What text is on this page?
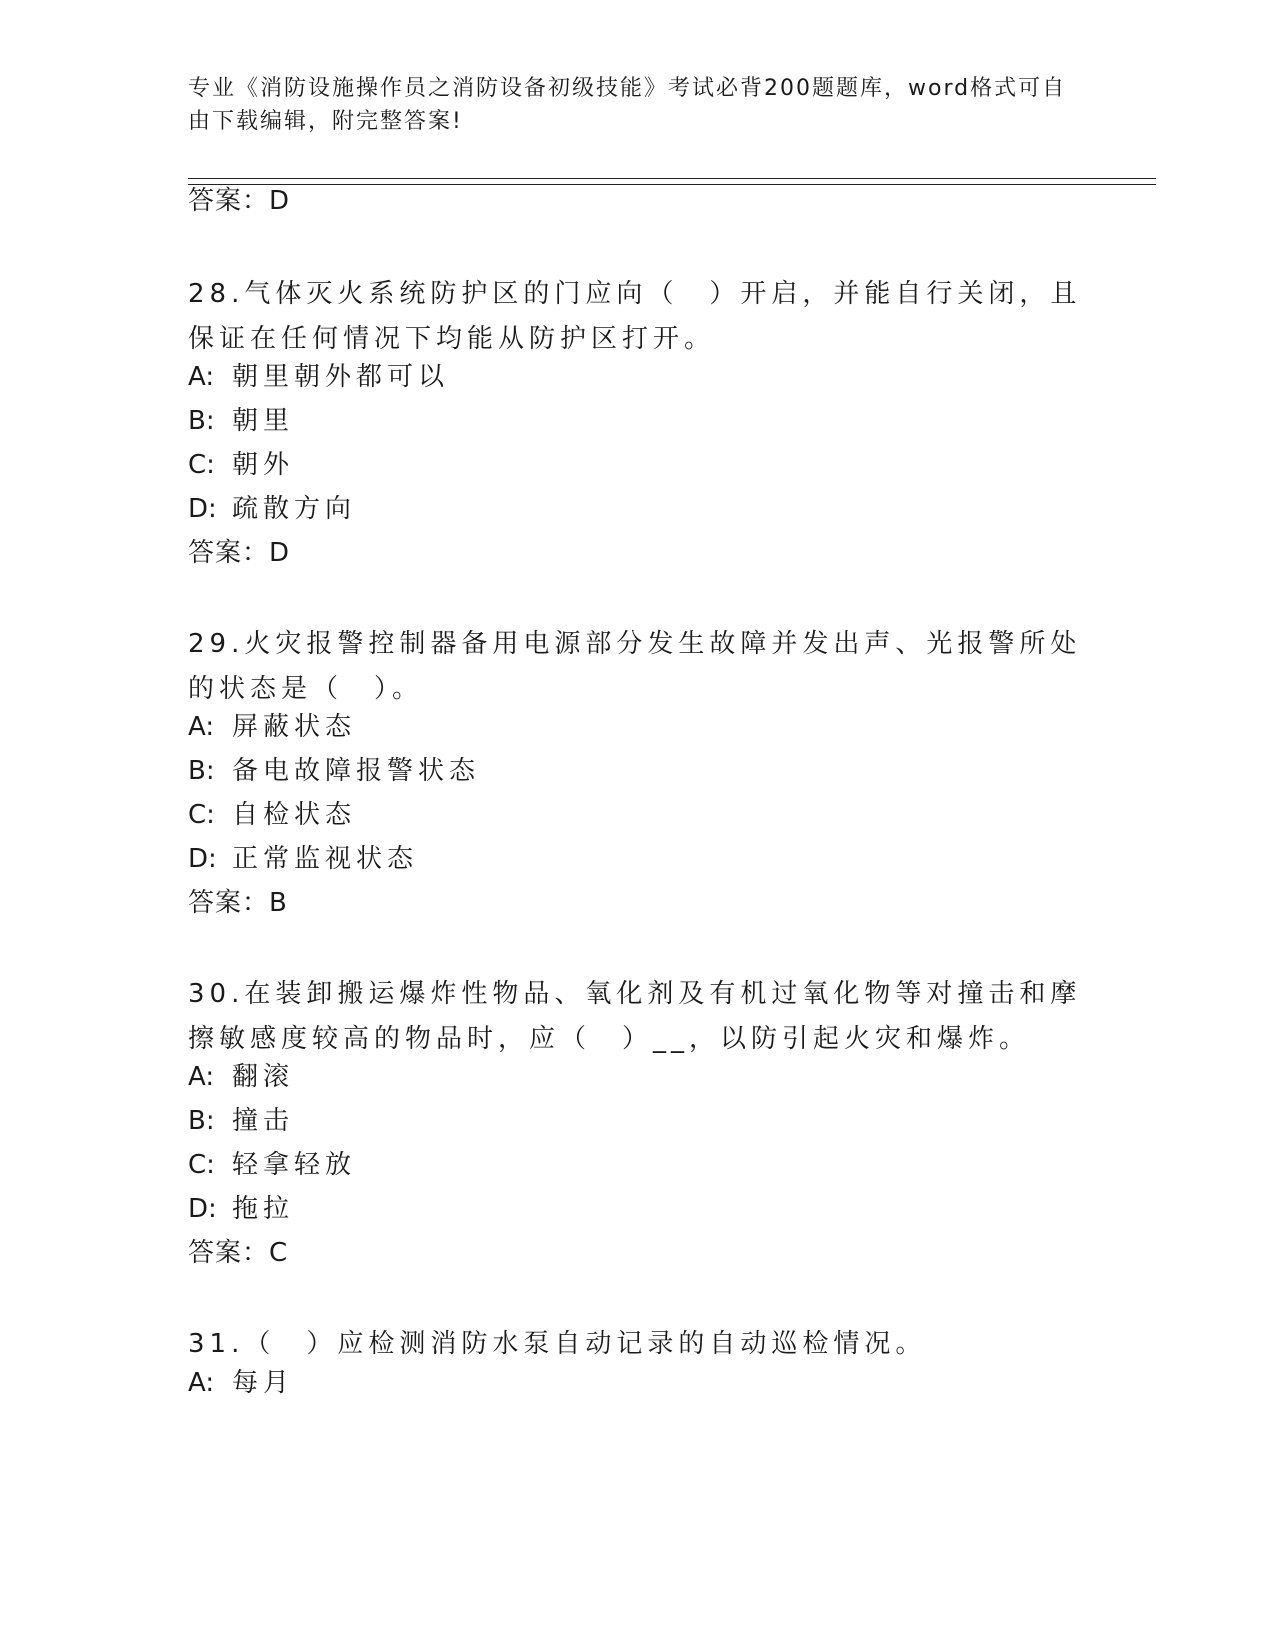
专业《消防设施操作员之消防设备初级技能》考试必背200题题库，word格式可自由下载编辑，附完整答案!
答案：D
28.气体灭火系统防护区的门应向（　）开启，并能自行关闭，且保证在任何情况下均能从防护区打开。
A: 朝里朝外都可以
B: 朝里
C: 朝外
D: 疏散方向
答案：D
29.火灾报警控制器备用电源部分发生故障并发出声、光报警所处的状态是（　）。
A: 屏蔽状态
B: 备电故障报警状态
C: 自检状态
D: 正常监视状态
答案：B
30.在装卸搬运爆炸性物品、氧化剂及有机过氧化物等对撞击和摩擦敏感度较高的物品时，应（　）__，以防引起火灾和爆炸。
A: 翻滚
B: 撞击
C: 轻拿轻放
D: 拖拉
答案：C
31.（　）应检测消防水泵自动记录的自动巡检情况。
A: 每月
